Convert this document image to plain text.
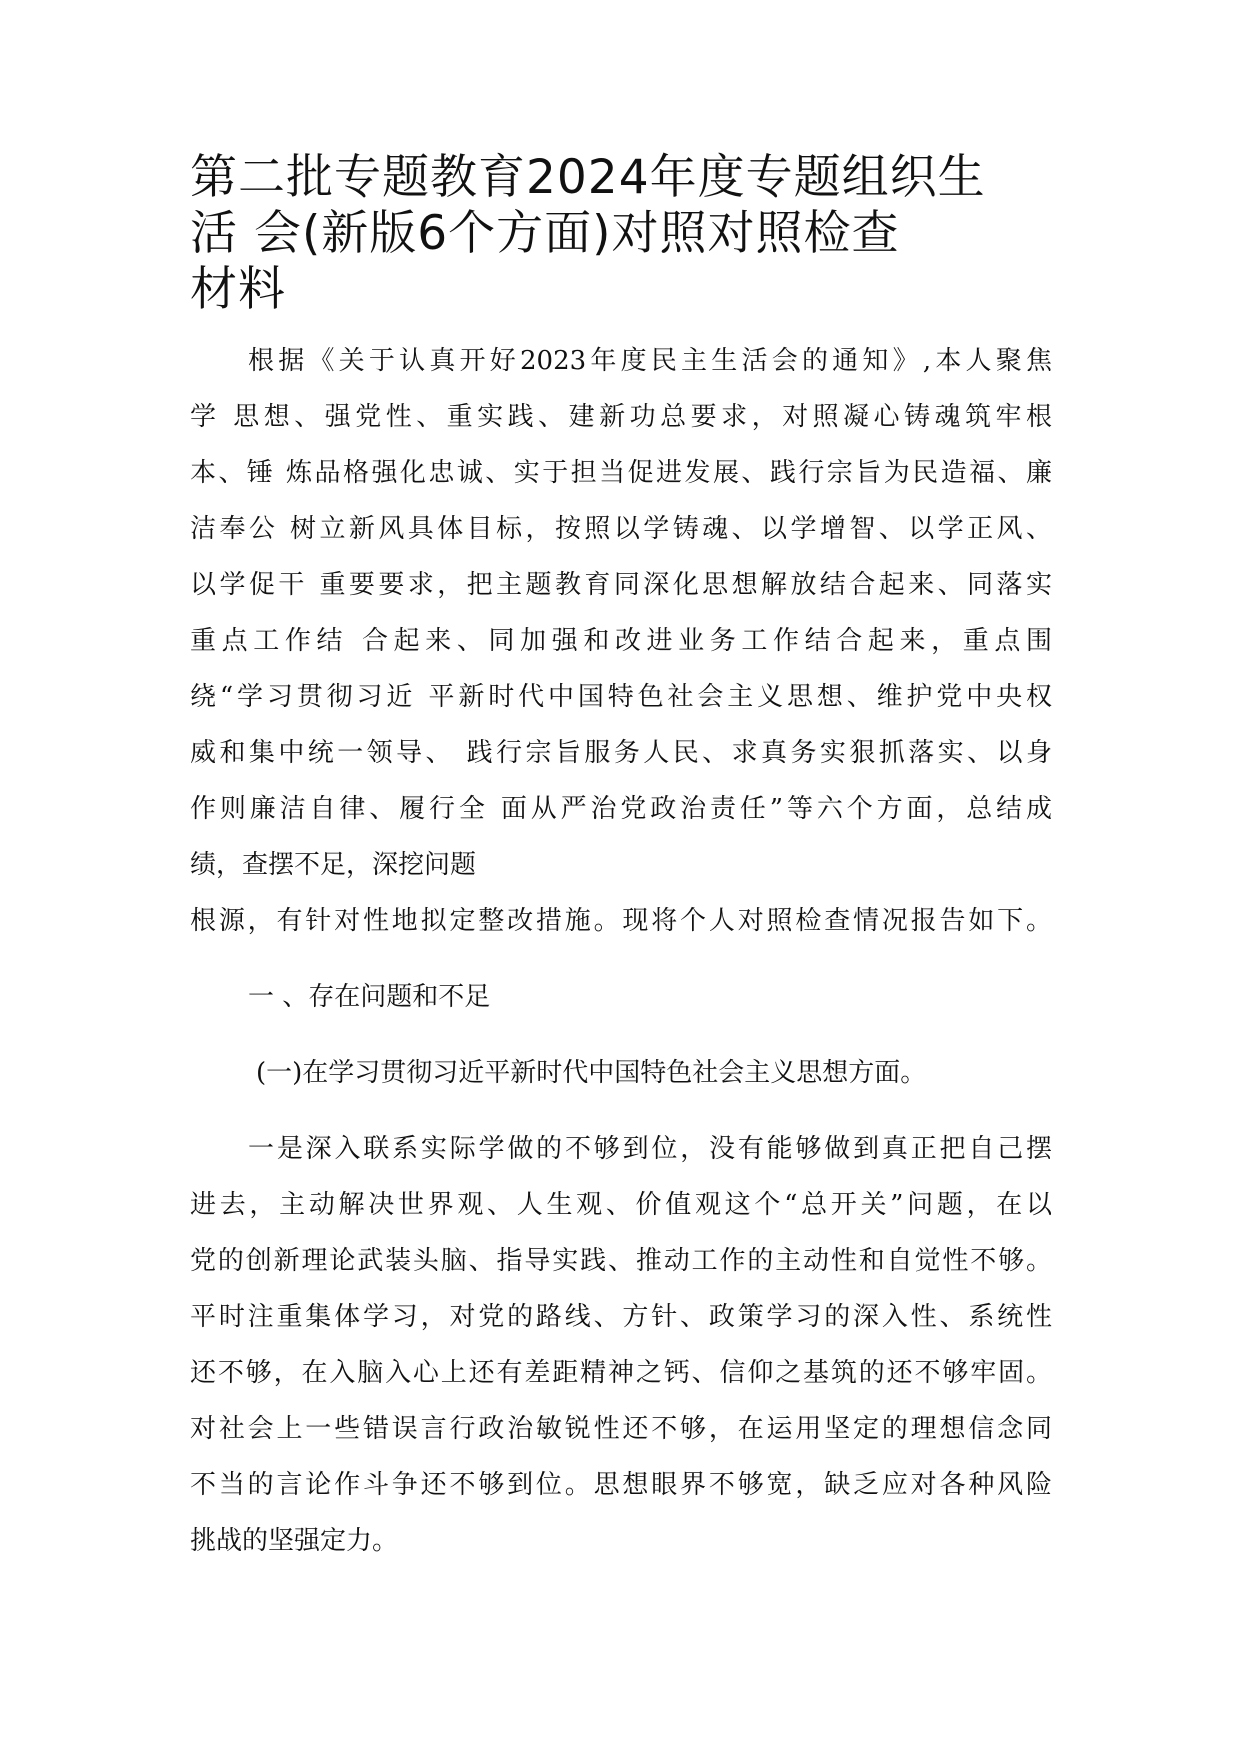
第二批专题教育2024年度专题组织生
活 会(新版6个方面)对照对照检查
材料
根据《关于认真开好2023年度民主生活会的通知》,本人聚焦
学 思想、强党性、重实践、建新功总要求，对照凝心铸魂筑牢根
本、锤 炼品格强化忠诚、实于担当促进发展、践行宗旨为民造福、廉
洁奉公 树立新风具体目标，按照以学铸魂、以学增智、以学正风、
以学促干 重要要求，把主题教育同深化思想解放结合起来、同落实
重点工作结 合起来、同加强和改进业务工作结合起来，重点围
绕“学习贯彻习近 平新时代中国特色社会主义思想、维护党中央权
威和集中统一领导、 践行宗旨服务人民、求真务实狠抓落实、以身
作则廉洁自律、履行全 面从严治党政治责任”等六个方面，总结成
绩，查摆不足，深挖问题
根源，有针对性地拟定整改措施。现将个人对照检查情况报告如下。
一 、存在问题和不足
(一)在学习贯彻习近平新时代中国特色社会主义思想方面。
一是深入联系实际学做的不够到位，没有能够做到真正把自己摆
进去，主动解决世界观、人生观、价值观这个“总开关”问题，在以
党的创新理论武装头脑、指导实践、推动工作的主动性和自觉性不够。
平时注重集体学习，对党的路线、方针、政策学习的深入性、系统性
还不够，在入脑入心上还有差距精神之钙、信仰之基筑的还不够牢固。
对社会上一些错误言行政治敏锐性还不够，在运用坚定的理想信念同
不当的言论作斗争还不够到位。思想眼界不够宽，缺乏应对各种风险
挑战的坚强定力。
